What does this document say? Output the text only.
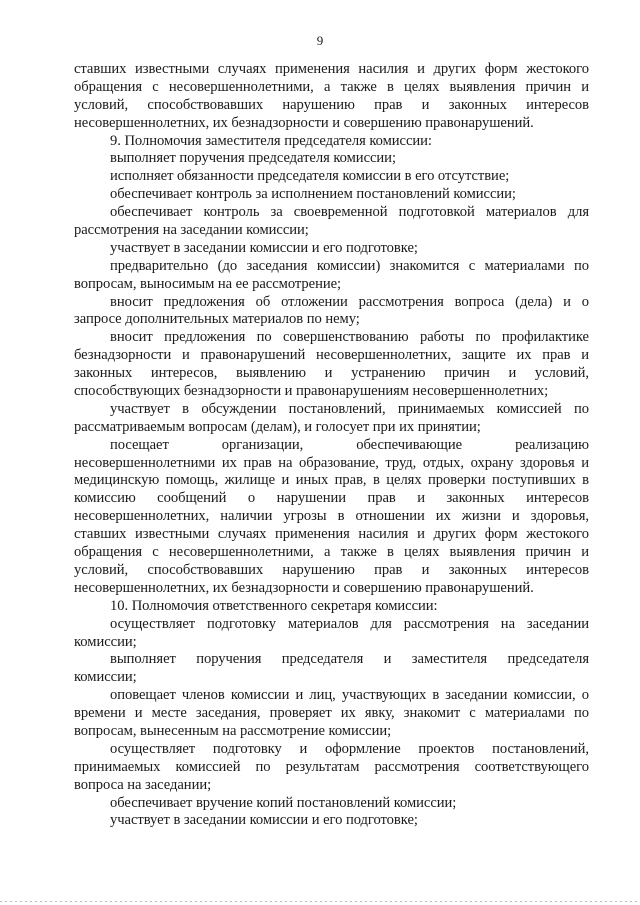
9
ставших известными случаях применения насилия и других форм жестокого
обращения с несовершеннолетними, а также в целях выявления причин и
условий, способствовавших нарушению прав и законных интересов
несовершеннолетних, их безнадзорности и совершению правонарушений.
9. Полномочия заместителя председателя комиссии:
выполняет поручения председателя комиссии;
исполняет обязанности председателя комиссии в его отсутствие;
обеспечивает контроль за исполнением постановлений комиссии;
обеспечивает контроль за своевременной подготовкой материалов для
рассмотрения на заседании комиссии;
участвует в заседании комиссии и его подготовке;
предварительно (до заседания комиссии) знакомится с материалами по
вопросам, выносимым на ее рассмотрение;
вносит предложения об отложении рассмотрения вопроса (дела) и о
запросе дополнительных материалов по нему;
вносит предложения по совершенствованию работы по профилактике
безнадзорности и правонарушений несовершеннолетних, защите их прав и
законных интересов, выявлению и устранению причин и условий,
способствующих безнадзорности и правонарушениям несовершеннолетних;
участвует в обсуждении постановлений, принимаемых комиссией по
рассматриваемым вопросам (делам), и голосует при их принятии;
посещает организации, обеспечивающие реализацию
несовершеннолетними их прав на образование, труд, отдых, охрану здоровья и
медицинскую помощь, жилище и иных прав, в целях проверки поступивших в
комиссию сообщений о нарушении прав и законных интересов
несовершеннолетних, наличии угрозы в отношении их жизни и здоровья,
ставших известными случаях применения насилия и других форм жестокого
обращения с несовершеннолетними, а также в целях выявления причин и
условий, способствовавших нарушению прав и законных интересов
несовершеннолетних, их безнадзорности и совершению правонарушений.
10. Полномочия ответственного секретаря комиссии:
осуществляет подготовку материалов для рассмотрения на заседании
комиссии;
выполняет поручения председателя и заместителя председателя
комиссии;
оповещает членов комиссии и лиц, участвующих в заседании комиссии, о
времени и месте заседания, проверяет их явку, знакомит с материалами по
вопросам, вынесенным на рассмотрение комиссии;
осуществляет подготовку и оформление проектов постановлений,
принимаемых комиссией по результатам рассмотрения соответствующего
вопроса на заседании;
обеспечивает вручение копий постановлений комиссии;
участвует в заседании комиссии и его подготовке;
